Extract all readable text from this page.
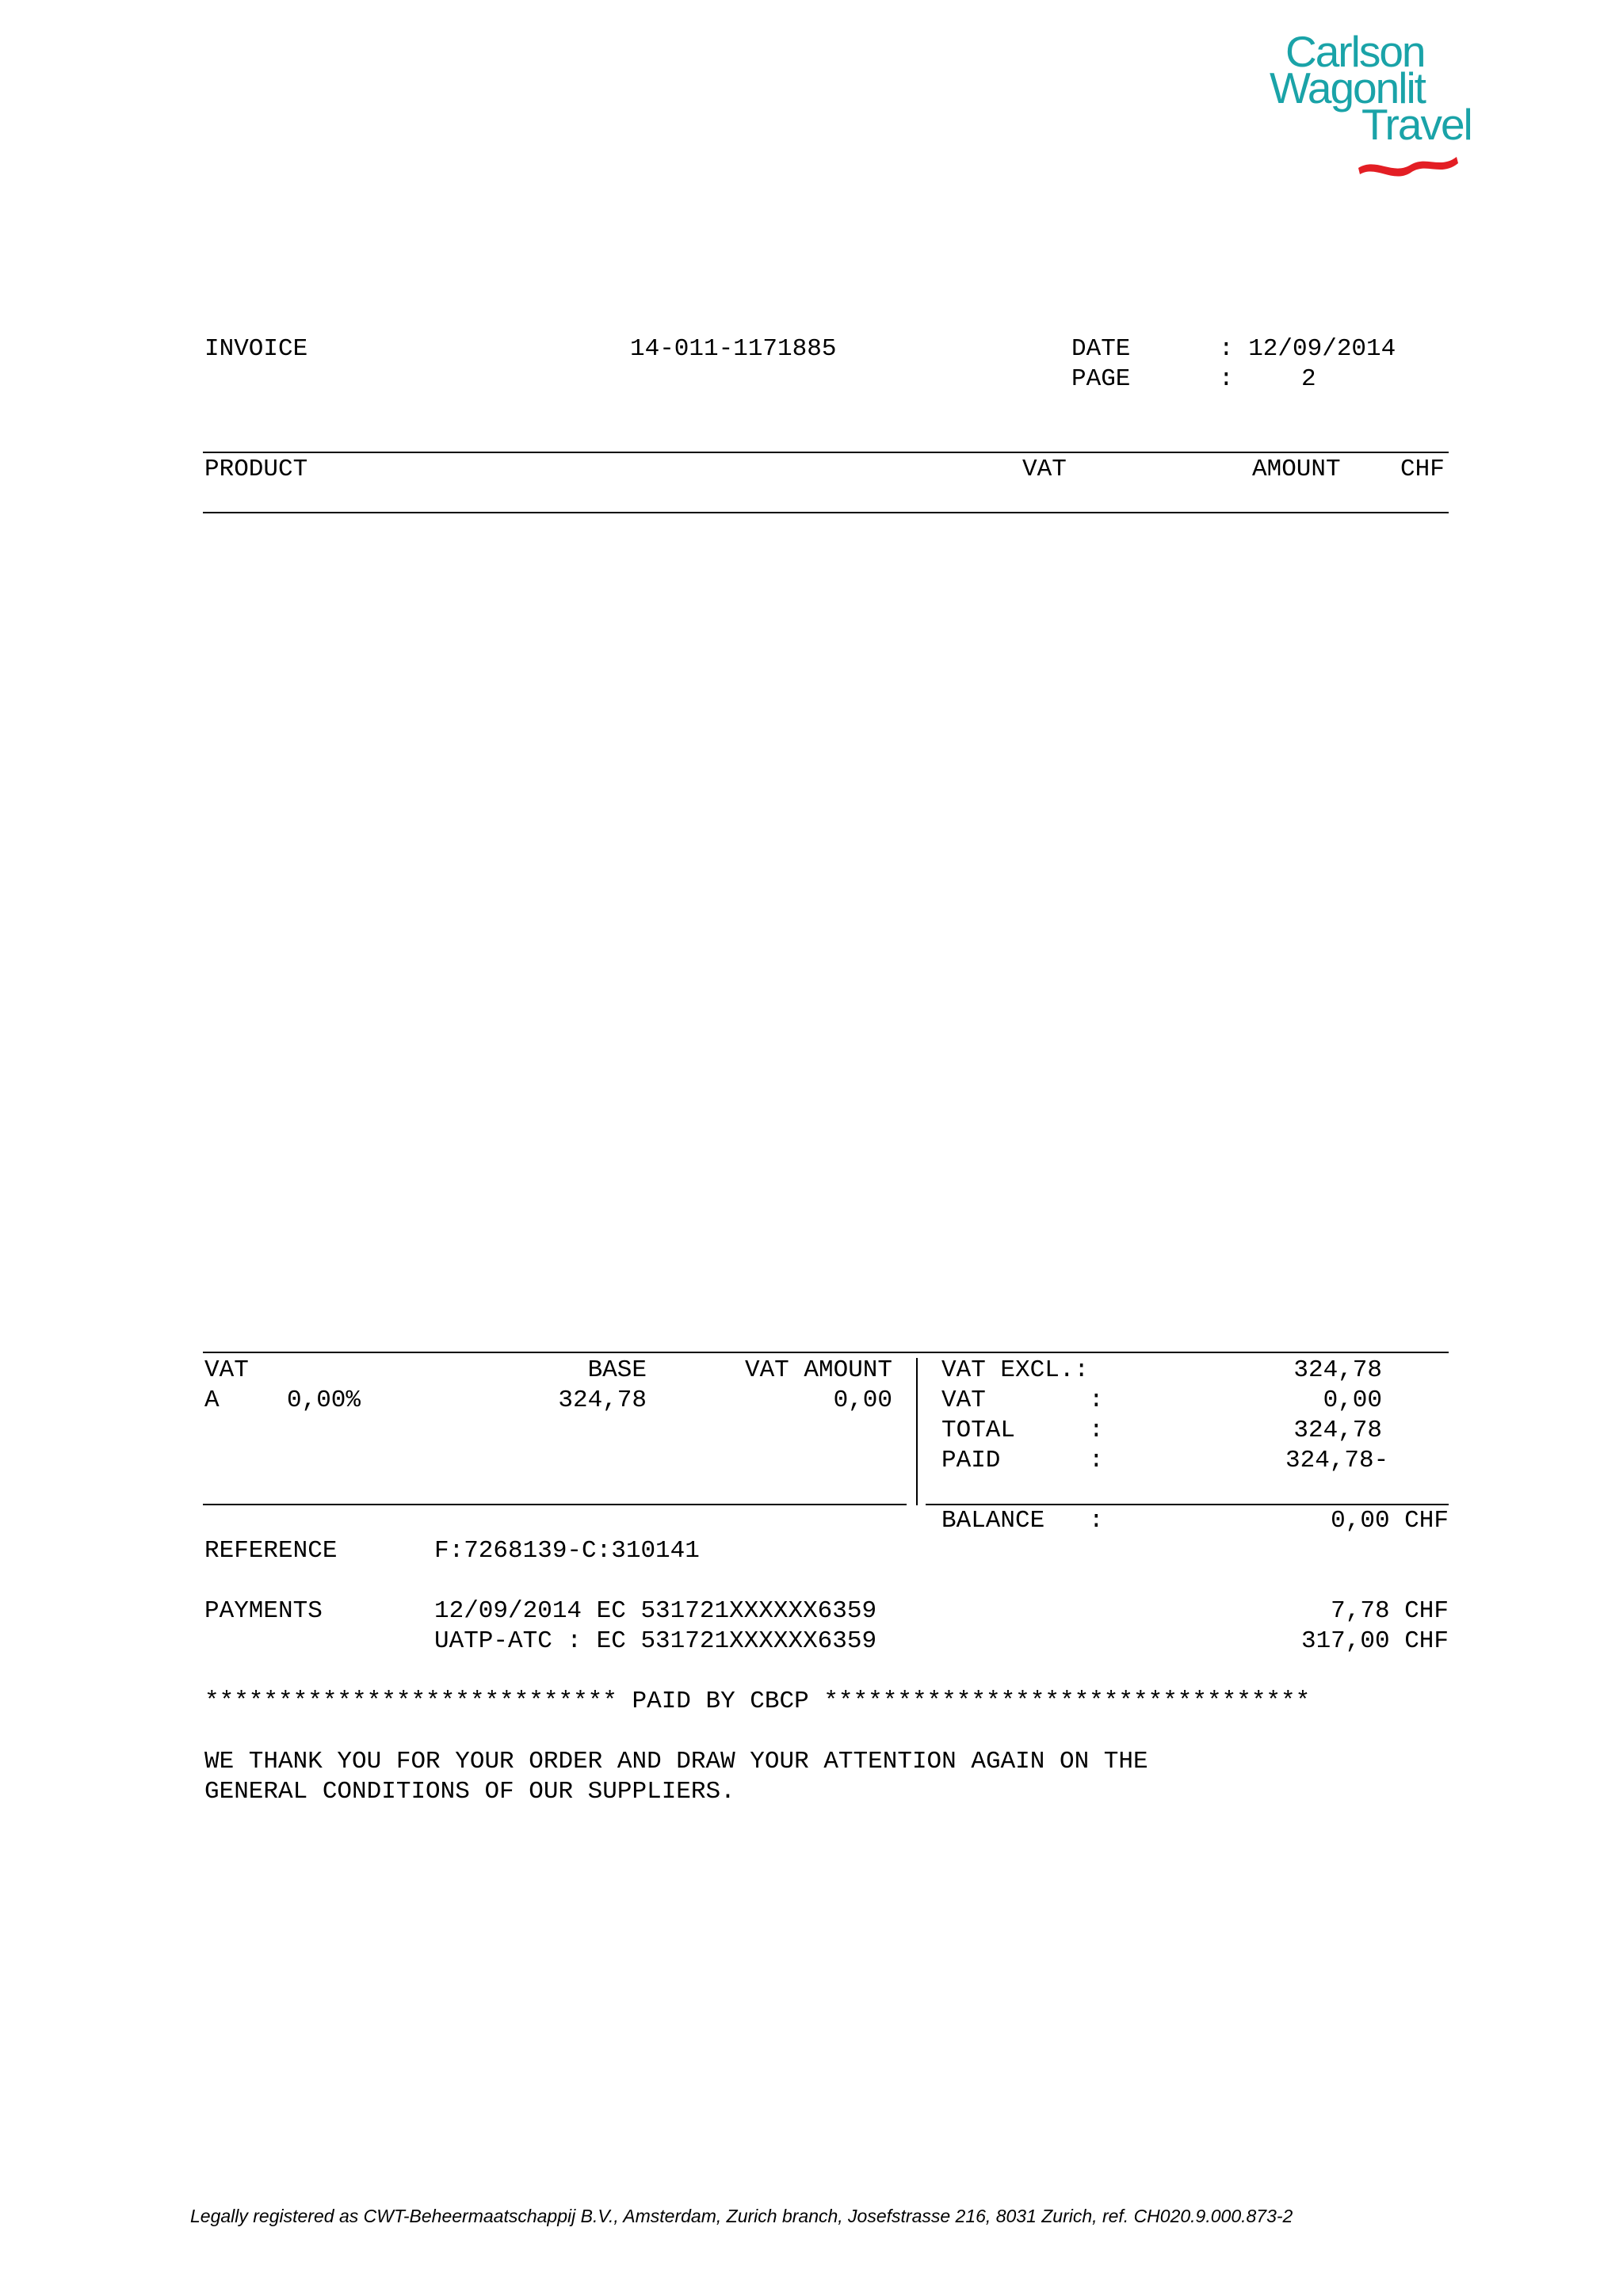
Carlson
Wagonlit
Travel
INVOICE	14-011-1171885	DATE	: 12/09/2014
PAGE	:	2
PRODUCT	VAT	AMOUNT CHF
VAT	BASE	VAT AMOUNT
A	0,00%	324,78	0,00
VAT EXCL.:	324,78
VAT	:	0,00
TOTAL	:	324,78
PAID	:	324,78-
BALANCE :	0,00 CHF
REFERENCE	F:7268139-C:310141
PAYMENTS	12/09/2014 EC 531721XXXXXX6359	7,78 CHF
UATP-ATC : EC 531721XXXXXX6359	317,00 CHF
**************************** PAID BY CBCP *********************************
WE THANK YOU FOR YOUR ORDER AND DRAW YOUR ATTENTION AGAIN ON THE
GENERAL CONDITIONS OF OUR SUPPLIERS.
Legally registered as CWT-Beheermaatschappij B.V., Amsterdam, Zurich branch, Josefstrasse 216, 8031 Zurich, ref. CH020.9.000.873-2
